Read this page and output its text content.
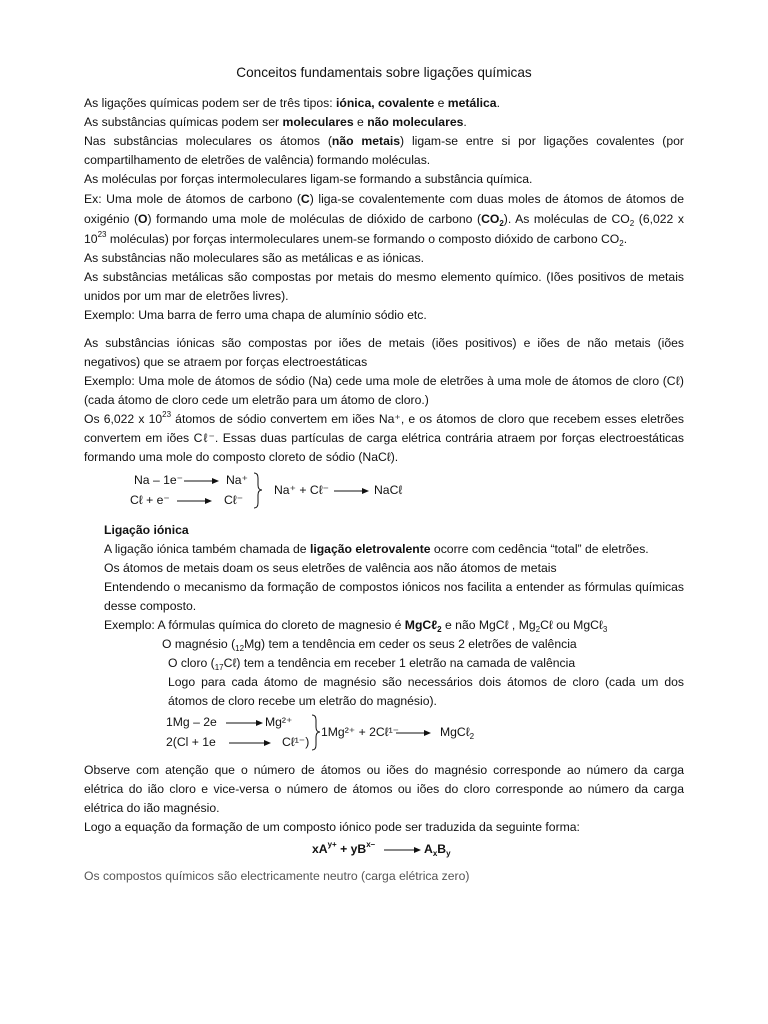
Conceitos fundamentais sobre ligações químicas

As ligações químicas podem ser de três tipos: iónica, covalente e metálica.

As substâncias químicas podem ser moleculares e não moleculares.

Nas substâncias moleculares os átomos (não metais) ligam-se entre si por ligações covalentes (por compartilhamento de eletrões de valência) formando moléculas.

As moléculas por forças intermoleculares ligam-se formando a substância química.

Ex: Uma mole de átomos de carbono (C) liga-se covalentemente com duas moles de átomos de átomos de oxigénio (O) formando uma mole de moléculas de dióxido de carbono $(CO_2)$. As moléculas de $CO_2$ (6,022 x $10^{23}$ moléculas) por forças intermoleculares unem-se formando o composto dióxido de carbono $CO_2$.

As substâncias não moleculares são as metálicas e as iónicas.

As substâncias metálicas são compostas por metais do mesmo elemento químico. (Iões positivos de metais unidos por um mar de eletrões livres).

Exemplo: Uma barra de ferro uma chapa de alumínio sódio etc.

As substâncias iónicas são compostas por iões de metais (iões positivos) e iões de não metais (iões negativos) que se atraem por forças electroestáticas

Exemplo: Uma mole de átomos de sódio (Na) cede uma mole de eletrões à uma mole de átomos de cloro (Cℓ) (cada átomo de cloro cede um eletrão para um átomo de cloro.)

Os 6,022 x $10^{23}$ átomos de sódio convertem em iões Na⁺, e os átomos de cloro que recebem esses eletrões convertem em iões Cℓ⁻. Essas duas partículas de carga elétrica contrária atraem por forças electroestáticas formando uma mole do composto cloreto de sódio (NaCℓ).

Na – 1e⁻	Na⁺
Cℓ + e⁻	Cℓ⁻
Na⁺ + Cℓ⁻	NaCℓ

Ligação iónica

A ligação iónica também chamada de ligação eletrovalente ocorre com cedência “total” de eletrões.

Os átomos de metais doam os seus eletrões de valência aos não átomos de metais

Entendendo o mecanismo da formação de compostos iónicos nos facilita a entender as fórmulas químicas desse composto.

Exemplo: A fórmulas química do cloreto de magnesio é MgCℓ$_2$ e não MgCℓ , $Mg_2C\ell$ ou MgCℓ$_3$

O magnésio $(_{12}Mg)$ tem a tendência em ceder os seus 2 eletrões de valência

O cloro $(_{17}C\ell)$ tem a tendência em receber 1 eletrão na camada de valência

Logo para cada átomo de magnésio são necessários dois átomos de cloro (cada um dos átomos de cloro recebe um eletrão do magnésio).

1Mg – 2e	Mg²⁺
2(Cl + 1e	Cℓ¹⁻)
1Mg²⁺ + 2Cℓ¹⁻	MgCℓ$_2$

Observe com atenção que o número de átomos ou iões do magnésio corresponde ao número da carga elétrica do ião cloro e vice-versa o número de átomos ou iões do cloro corresponde ao número da carga elétrica do ião magnésio.

Logo a equação da formação de um composto iónico pode ser traduzida da seguinte forma:

$xA^{y+} + yB^{x-}$	$A_xB_y$

Os compostos químicos são electricamente neutro (carga elétrica zero)
